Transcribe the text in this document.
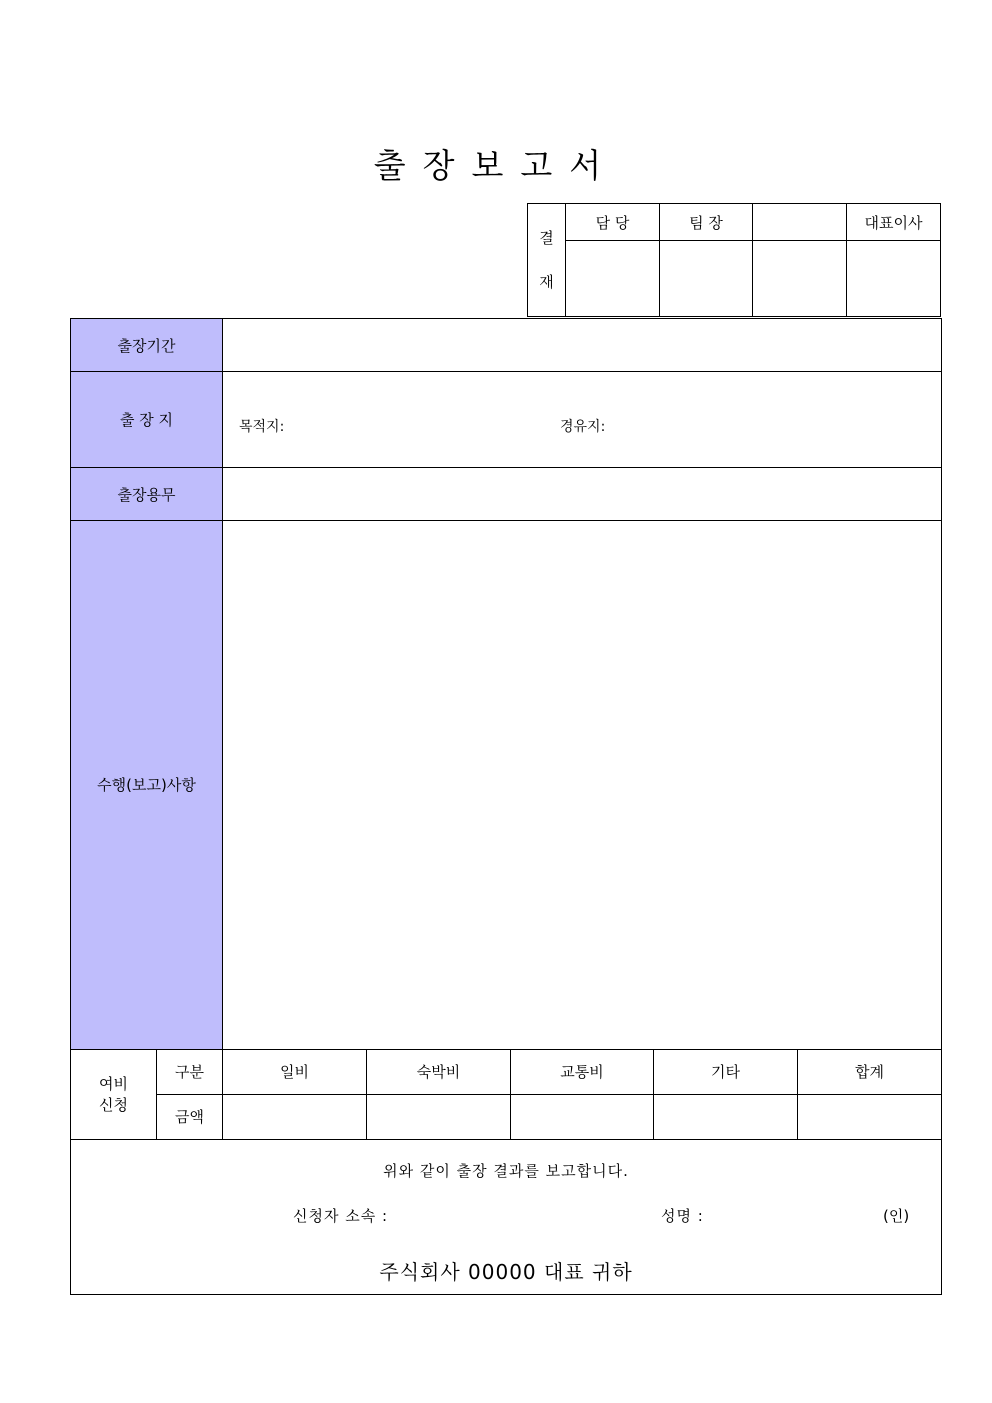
출장보고서
결
재	담 당	팀 장		대표이사

출장기간						
출 장 지		목적지: 경유지:				

출장용무						
수행(보고)사항						

여비
신청	구분	일비	숙박비	교통비	기타	합계
	금액					

위와 같이 출장 결과를 보고합니다.
신청자 소속 : 성명 : (인)
주식회사 00000 대표 귀하						
